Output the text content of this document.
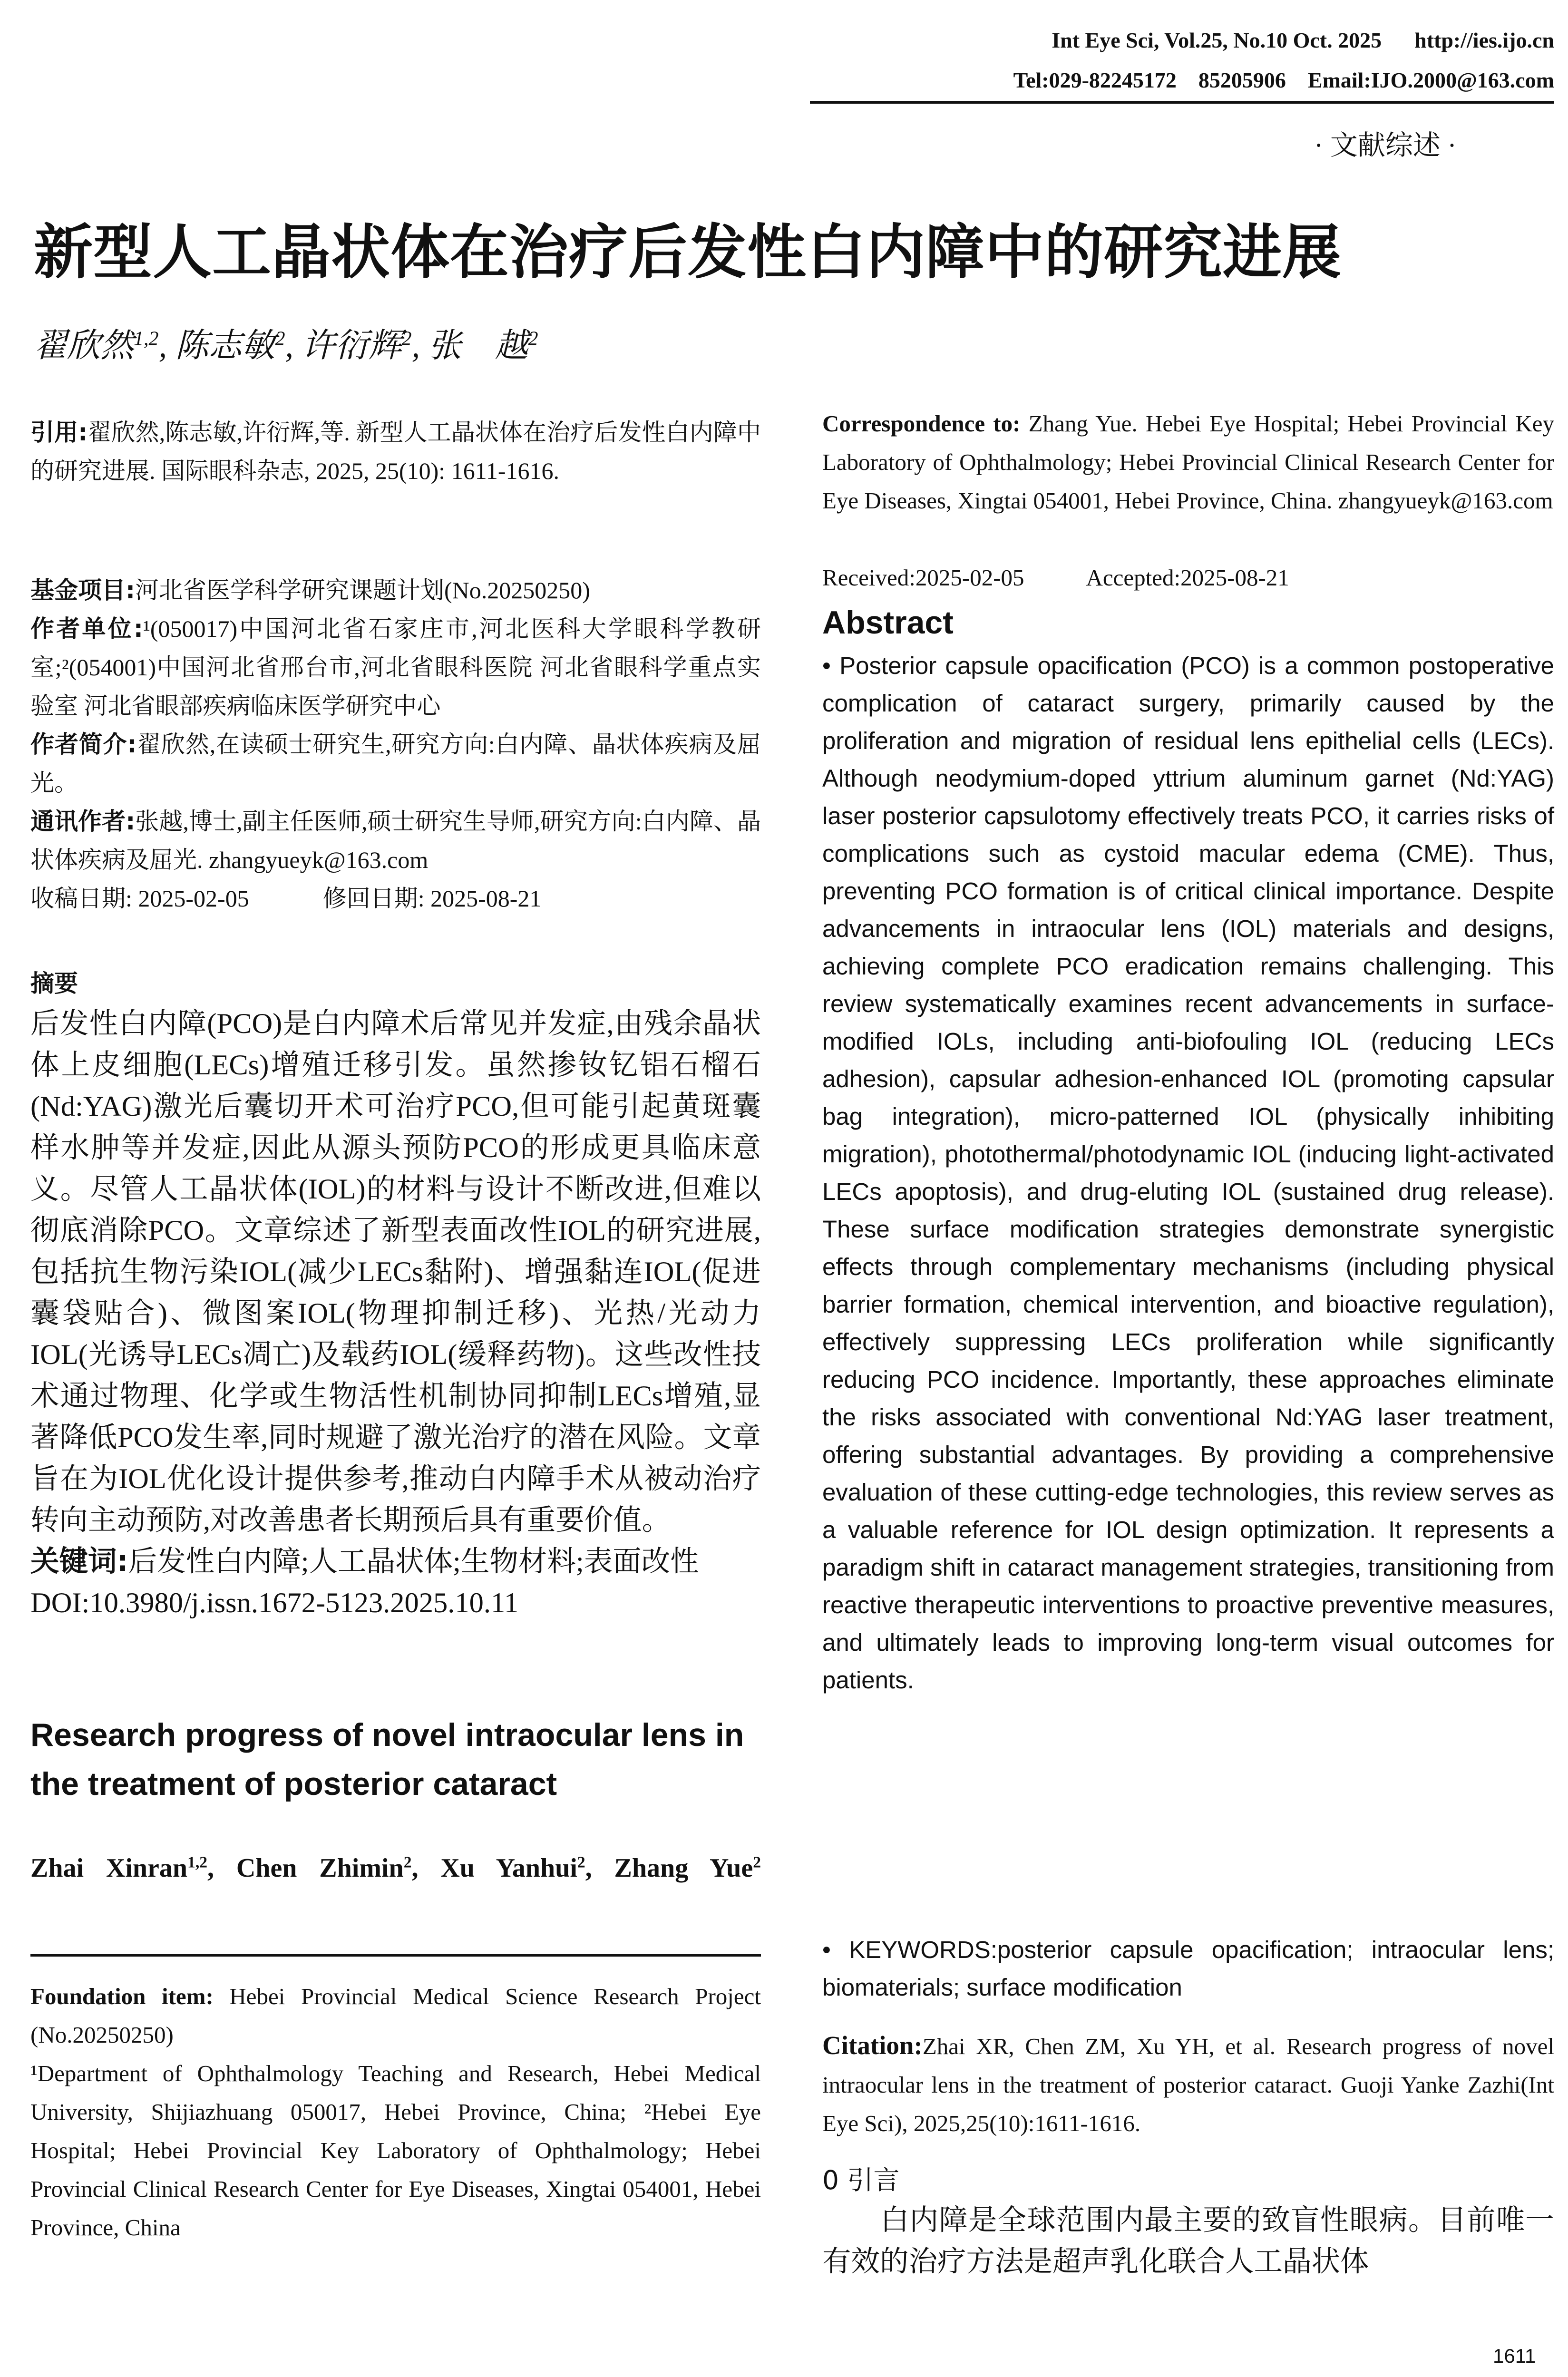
Int Eye Sci, Vol.25, No.10 Oct. 2025      http://ies.ijo.cn
Tel:029-82245172    85205906    Email:IJO.2000@163.com
· 文献综述 ·
新型人工晶状体在治疗后发性白内障中的研究进展
翟欣然$^{1,2}$, 陈志敏$^2$, 许衍辉$^2$, 张　越$^2$
引用:翟欣然,陈志敏,许衍辉,等. 新型人工晶状体在治疗后发性白内障中的研究进展. 国际眼科杂志, 2025, 25(10): 1611-1616.
基金项目:河北省医学科学研究课题计划(No.20250250)
作者单位:¹(050017)中国河北省石家庄市,河北医科大学眼科学教研室;²(054001)中国河北省邢台市,河北省眼科医院 河北省眼科学重点实验室 河北省眼部疾病临床医学研究中心
作者简介:翟欣然,在读硕士研究生,研究方向:白内障、晶状体疾病及屈光。
通讯作者:张越,博士,副主任医师,硕士研究生导师,研究方向:白内障、晶状体疾病及屈光. zhangyueyk@163.com
收稿日期: 2025-02-05	修回日期: 2025-08-21
摘要
后发性白内障(PCO)是白内障术后常见并发症,由残余晶状体上皮细胞(LECs)增殖迁移引发。虽然掺钕钇铝石榴石(Nd:YAG)激光后囊切开术可治疗PCO,但可能引起黄斑囊样水肿等并发症,因此从源头预防PCO的形成更具临床意义。尽管人工晶状体(IOL)的材料与设计不断改进,但难以彻底消除PCO。文章综述了新型表面改性IOL的研究进展,包括抗生物污染IOL(减少LECs黏附)、增强黏连IOL(促进囊袋贴合)、微图案IOL(物理抑制迁移)、光热/光动力IOL(光诱导LECs凋亡)及载药IOL(缓释药物)。这些改性技术通过物理、化学或生物活性机制协同抑制LECs增殖,显著降低PCO发生率,同时规避了激光治疗的潜在风险。文章旨在为IOL优化设计提供参考,推动白内障手术从被动治疗转向主动预防,对改善患者长期预后具有重要价值。
关键词:后发性白内障;人工晶状体;生物材料;表面改性
DOI:10.3980/j.issn.1672-5123.2025.10.11
Research progress of novel intraocular lens in the treatment of posterior cataract
Zhai Xinran$^{1,2}$, Chen Zhimin$^2$, Xu Yanhui$^2$, Zhang Yue$^2$
Foundation item: Hebei Provincial Medical Science Research Project (No.20250250)
¹Department of Ophthalmology Teaching and Research, Hebei Medical University, Shijiazhuang 050017, Hebei Province, China; ²Hebei Eye Hospital; Hebei Provincial Key Laboratory of Ophthalmology; Hebei Provincial Clinical Research Center for Eye Diseases, Xingtai 054001, Hebei Province, China
Correspondence to: Zhang Yue. Hebei Eye Hospital; Hebei Provincial Key Laboratory of Ophthalmology; Hebei Provincial Clinical Research Center for Eye Diseases, Xingtai 054001, Hebei Province, China. zhangyueyk@163.com
Received:2025-02-05	Accepted:2025-08-21
Abstract
• Posterior capsule opacification (PCO) is a common postoperative complication of cataract surgery, primarily caused by the proliferation and migration of residual lens epithelial cells (LECs). Although neodymium-doped yttrium aluminum garnet (Nd:YAG) laser posterior capsulotomy effectively treats PCO, it carries risks of complications such as cystoid macular edema (CME). Thus, preventing PCO formation is of critical clinical importance. Despite advancements in intraocular lens (IOL) materials and designs, achieving complete PCO eradication remains challenging. This review systematically examines recent advancements in surface-modified IOLs, including anti-biofouling IOL (reducing LECs adhesion), capsular adhesion-enhanced IOL (promoting capsular bag integration), micro-patterned IOL (physically inhibiting migration), photothermal/photodynamic IOL (inducing light-activated LECs apoptosis), and drug-eluting IOL (sustained drug release). These surface modification strategies demonstrate synergistic effects through complementary mechanisms (including physical barrier formation, chemical intervention, and bioactive regulation), effectively suppressing LECs proliferation while significantly reducing PCO incidence. Importantly, these approaches eliminate the risks associated with conventional Nd:YAG laser treatment, offering substantial advantages. By providing a comprehensive evaluation of these cutting-edge technologies, this review serves as a valuable reference for IOL design optimization. It represents a paradigm shift in cataract management strategies, transitioning from reactive therapeutic interventions to proactive preventive measures, and ultimately leads to improving long-term visual outcomes for patients.
• KEYWORDS:posterior capsule opacification; intraocular lens; biomaterials; surface modification
Citation:Zhai XR, Chen ZM, Xu YH, et al. Research progress of novel intraocular lens in the treatment of posterior cataract. Guoji Yanke Zazhi(Int Eye Sci), 2025,25(10):1611-1616.
0 引言
白内障是全球范围内最主要的致盲性眼病。目前唯一有效的治疗方法是超声乳化联合人工晶状体
1611
